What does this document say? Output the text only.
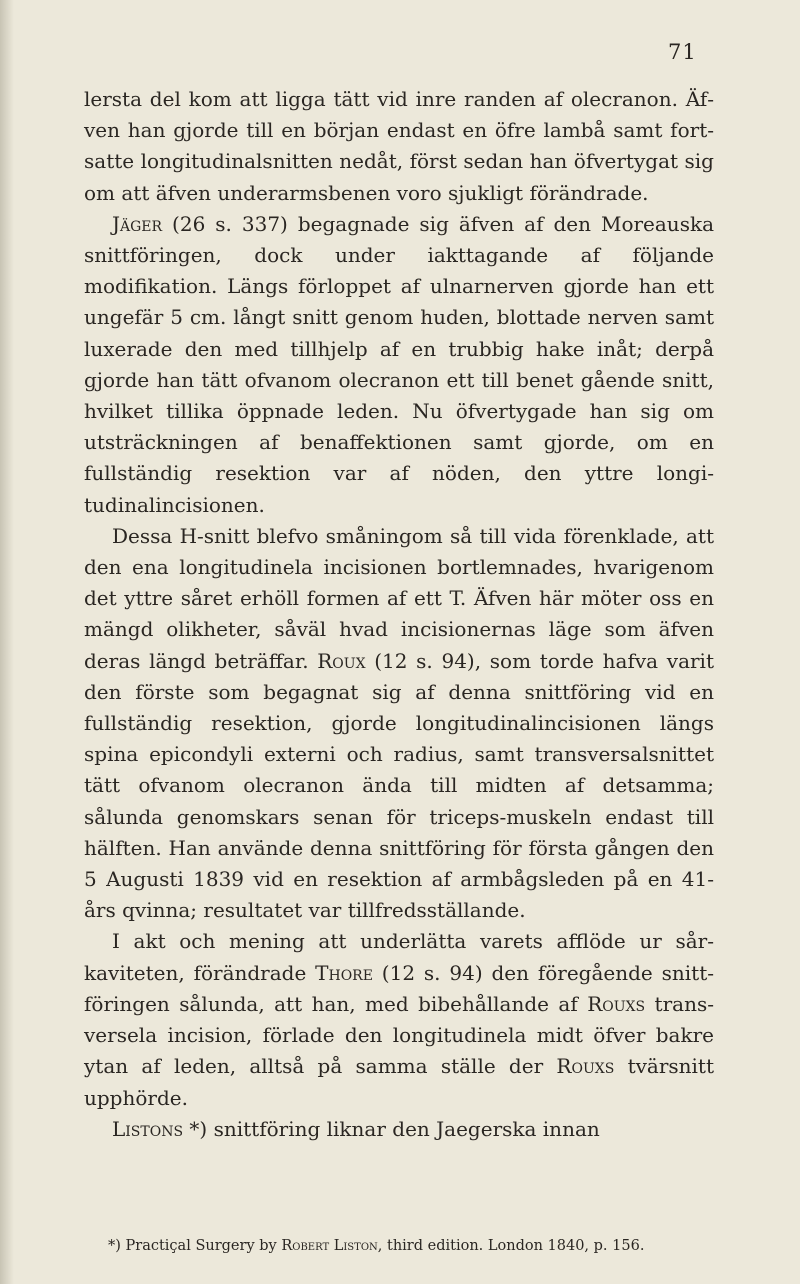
71

lersta del kom att ligga tätt vid inre randen af olecranon. Äfven han gjorde till en början endast en öfre lambå samt fortsatte longitudinalsnitten nedåt, först sedan han öfvertygat sig om att äfven underarmsbenen voro sjukligt förändrade.

Jäger (26 s. 337) begagnade sig äfven af den Moreauska snittföringen, dock under iakttagande af följande modifikation. Längs förloppet af ulnarnerven gjorde han ett ungefär 5 cm. långt snitt genom huden, blottade nerven samt luxerade den med tillhjelp af en trubbig hake inåt; derpå gjorde han tätt ofvanom olecranon ett till benet gående snitt, hvilket tillika öppnade leden. Nu öfvertygade han sig om utsträckningen af benaffektionen samt gjorde, om en fullständig resektion var af nöden, den yttre longitudinalincisionen.

Dessa H-snitt blefvo småningom så till vida förenklade, att den ena longitudinela incisionen bortlemnades, hvarigenom det yttre såret erhöll formen af ett T. Äfven här möter oss en mängd olikheter, såväl hvad incisionernas läge som äfven deras längd beträffar. Roux (12 s. 94), som torde hafva varit den förste som begagnat sig af denna snittföring vid en fullständig resektion, gjorde longitudinalincisionen längs spina epicondyli externi och radius, samt transversalsnittet tätt ofvanom olecranon ända till midten af detsamma; sålunda genomskars senan för triceps-muskeln endast till hälften. Han använde denna snittföring för första gången den 5 Augusti 1839 vid en resektion af armbågsleden på en 41-års qvinna; resultatet var tillfredsställande.

I akt och mening att underlätta varets afflöde ur sårkaviteten, förändrade Thore (12 s. 94) den föregående snittföringen sålunda, att han, med bibehållande af Rouxs transversela incision, förlade den longitudinela midt öfver bakre ytan af leden, alltså på samma ställe der Rouxs tvärsnitt upphörde.

Listons *) snittföring liknar den Jaegerska innan

*) Practiçal Surgery by Robert Liston, third edition. London 1840, p. 156.
